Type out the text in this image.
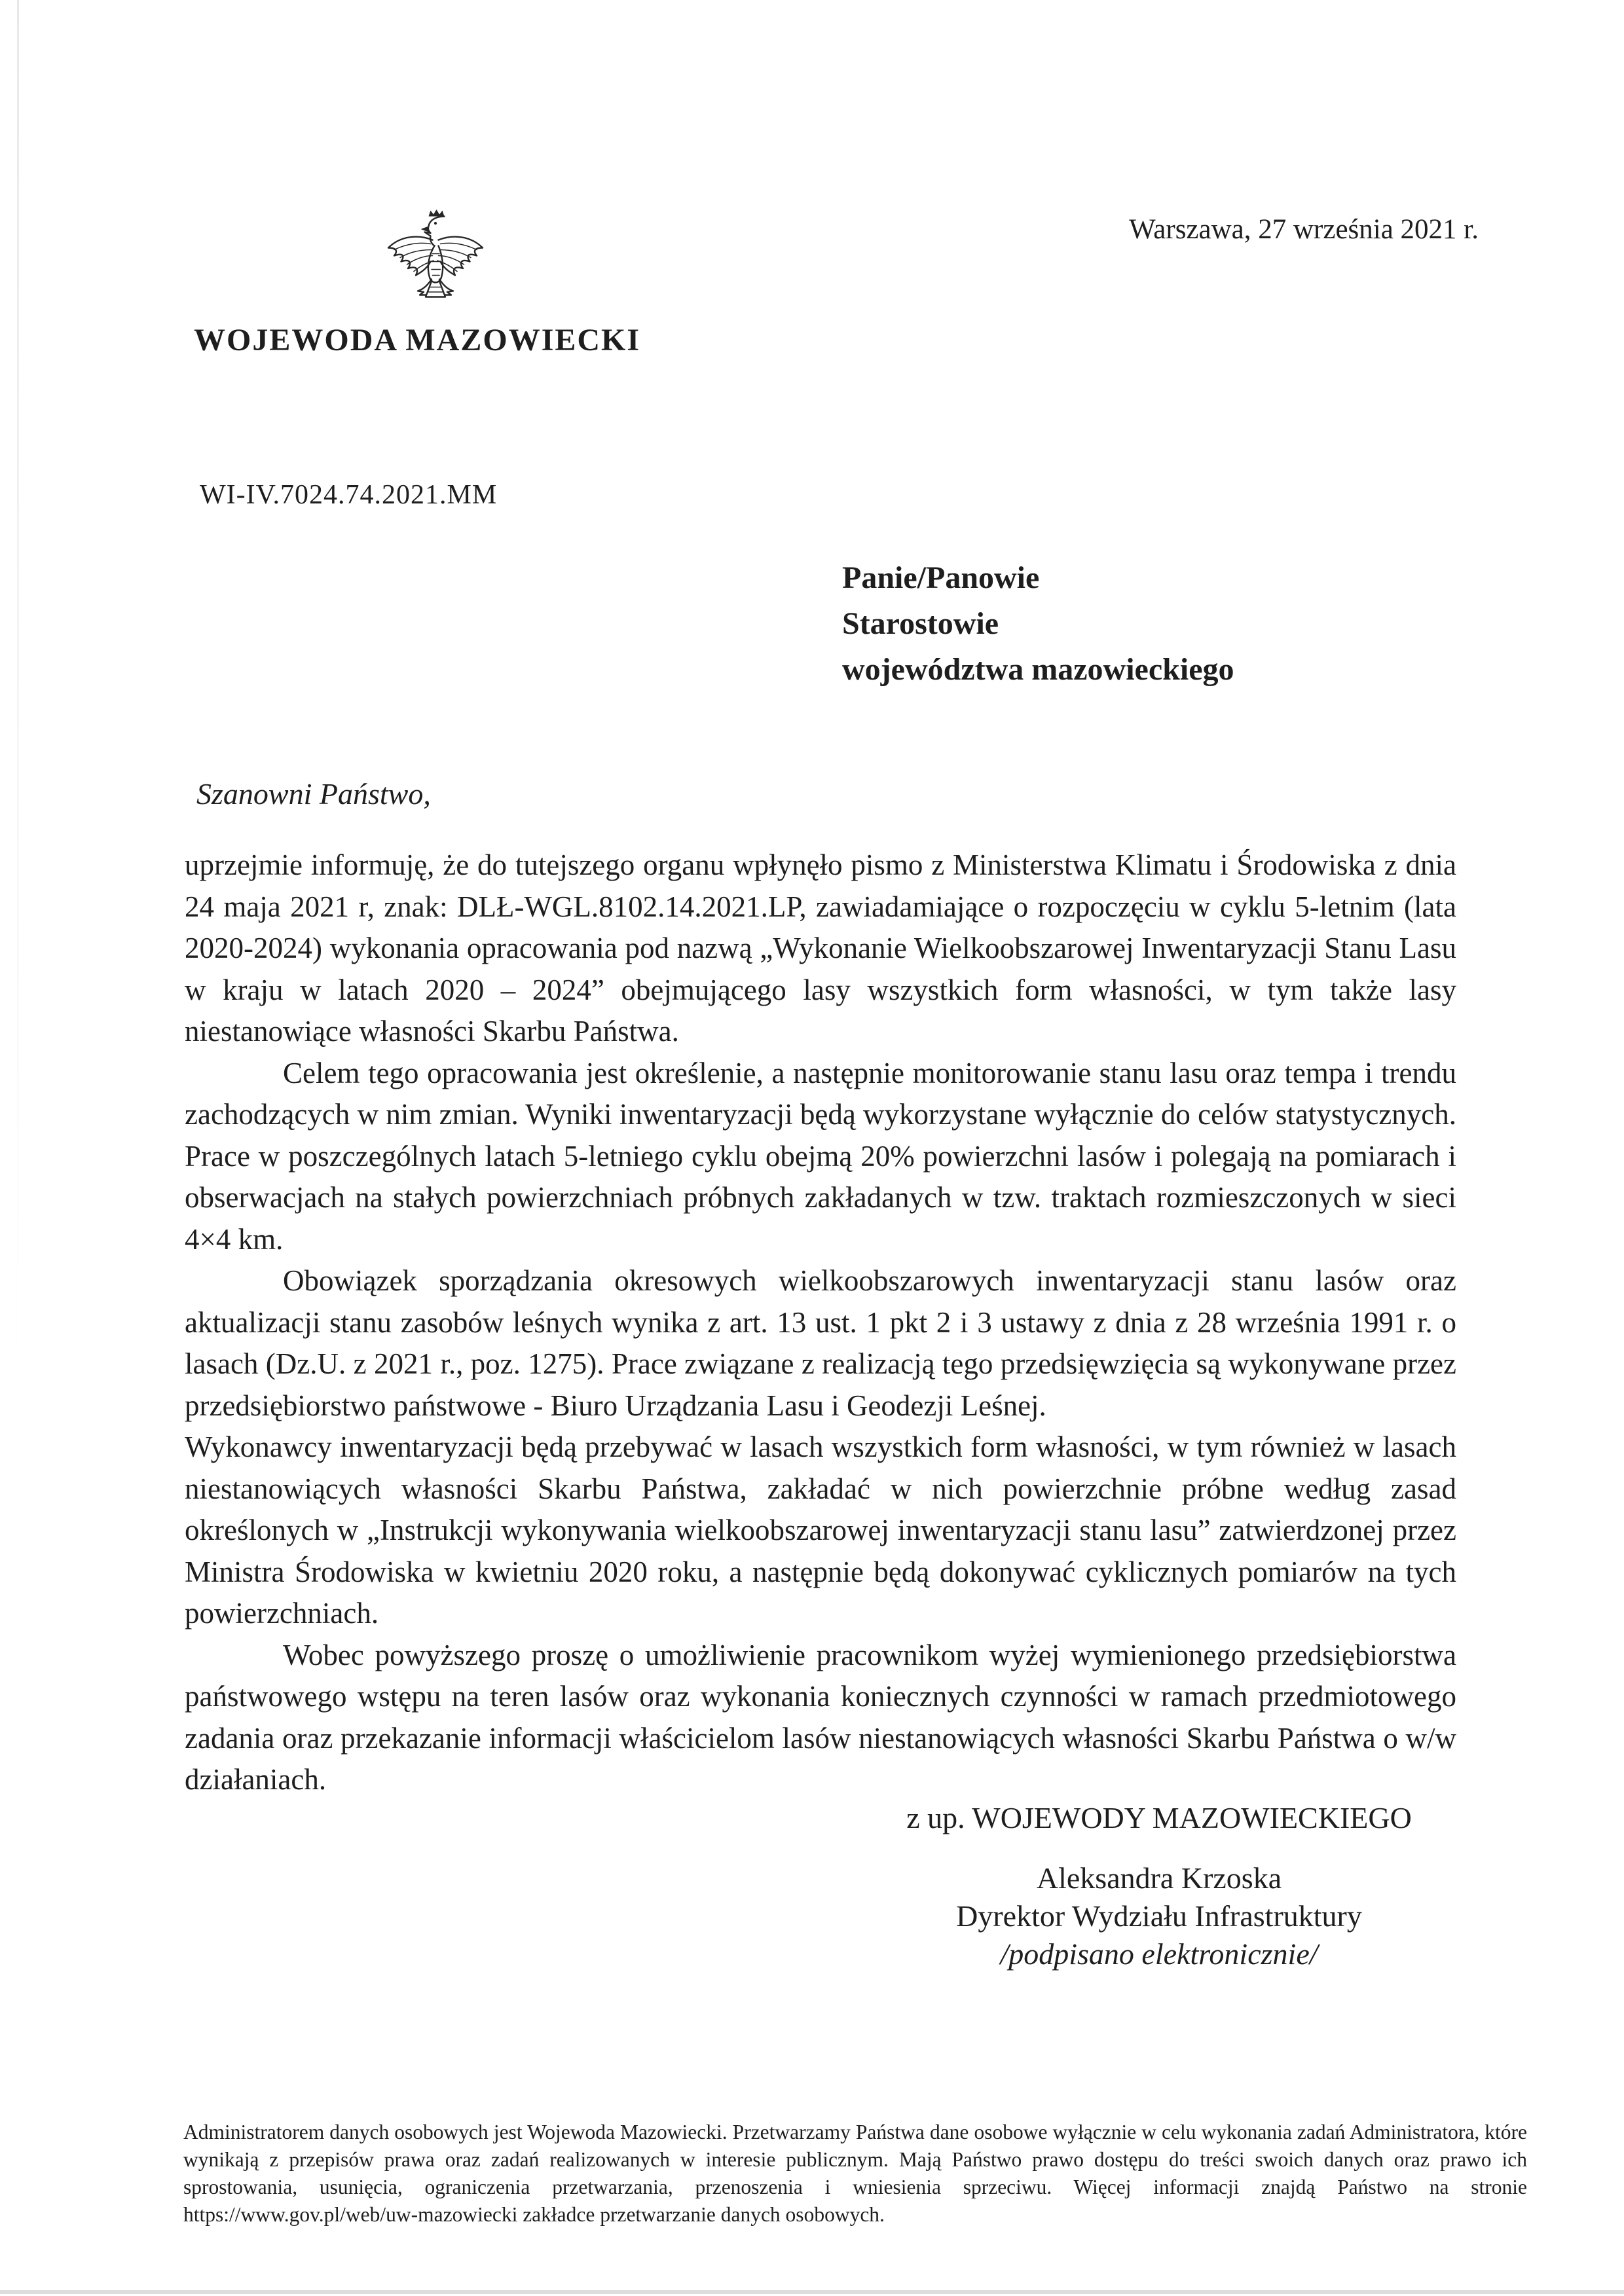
WOJEWODA MAZOWIECKI
Warszawa, 27 września 2021 r.
WI-IV.7024.74.2021.MM
Panie/Panowie
Starostowie
województwa mazowieckiego
Szanowni Państwo,

uprzejmie informuję, że do tutejszego organu wpłynęło pismo z Ministerstwa Klimatu i Środowiska z dnia 24 maja 2021 r, znak: DLŁ-WGL.8102.14.2021.LP, zawiadamiające o rozpoczęciu w cyklu 5-letnim (lata 2020-2024) wykonania opracowania pod nazwą „Wykonanie Wielkoobszarowej Inwentaryzacji Stanu Lasu w kraju w latach 2020 – 2024” obejmującego lasy wszystkich form własności, w tym także lasy niestanowiące własności Skarbu Państwa.

Celem tego opracowania jest określenie, a następnie monitorowanie stanu lasu oraz tempa i trendu zachodzących w nim zmian. Wyniki inwentaryzacji będą wykorzystane wyłącznie do celów statystycznych. Prace w poszczególnych latach 5-letniego cyklu obejmą 20% powierzchni lasów i polegają na pomiarach i obserwacjach na stałych powierzchniach próbnych zakładanych w tzw. traktach rozmieszczonych w sieci 4×4 km.

Obowiązek sporządzania okresowych wielkoobszarowych inwentaryzacji stanu lasów oraz aktualizacji stanu zasobów leśnych wynika z art. 13 ust. 1 pkt 2 i 3 ustawy z dnia z 28 września 1991 r. o lasach (Dz.U. z 2021 r., poz. 1275). Prace związane z realizacją tego przedsięwzięcia są wykonywane przez przedsiębiorstwo państwowe - Biuro Urządzania Lasu i Geodezji Leśnej.

Wykonawcy inwentaryzacji będą przebywać w lasach wszystkich form własności, w tym również w lasach niestanowiących własności Skarbu Państwa, zakładać w nich powierzchnie próbne według zasad określonych w „Instrukcji wykonywania wielkoobszarowej inwentaryzacji stanu lasu” zatwierdzonej przez Ministra Środowiska w kwietniu 2020 roku, a następnie będą dokonywać cyklicznych pomiarów na tych powierzchniach.

Wobec powyższego proszę o umożliwienie pracownikom wyżej wymienionego przedsiębiorstwa państwowego wstępu na teren lasów oraz wykonania koniecznych czynności w ramach przedmiotowego zadania oraz przekazanie informacji właścicielom lasów niestanowiących własności Skarbu Państwa o w/w działaniach.

z up. WOJEWODY MAZOWIECKIEGO
Aleksandra Krzoska
Dyrektor Wydziału Infrastruktury
/podpisano elektronicznie/
Administratorem danych osobowych jest Wojewoda Mazowiecki. Przetwarzamy Państwa dane osobowe wyłącznie w celu wykonania zadań Administratora, które wynikają z przepisów prawa oraz zadań realizowanych w interesie publicznym. Mają Państwo prawo dostępu do treści swoich danych oraz prawo ich sprostowania, usunięcia, ograniczenia przetwarzania, przenoszenia i wniesienia sprzeciwu. Więcej informacji znajdą Państwo na stronie https://www.gov.pl/web/uw-mazowiecki zakładce przetwarzanie danych osobowych.
